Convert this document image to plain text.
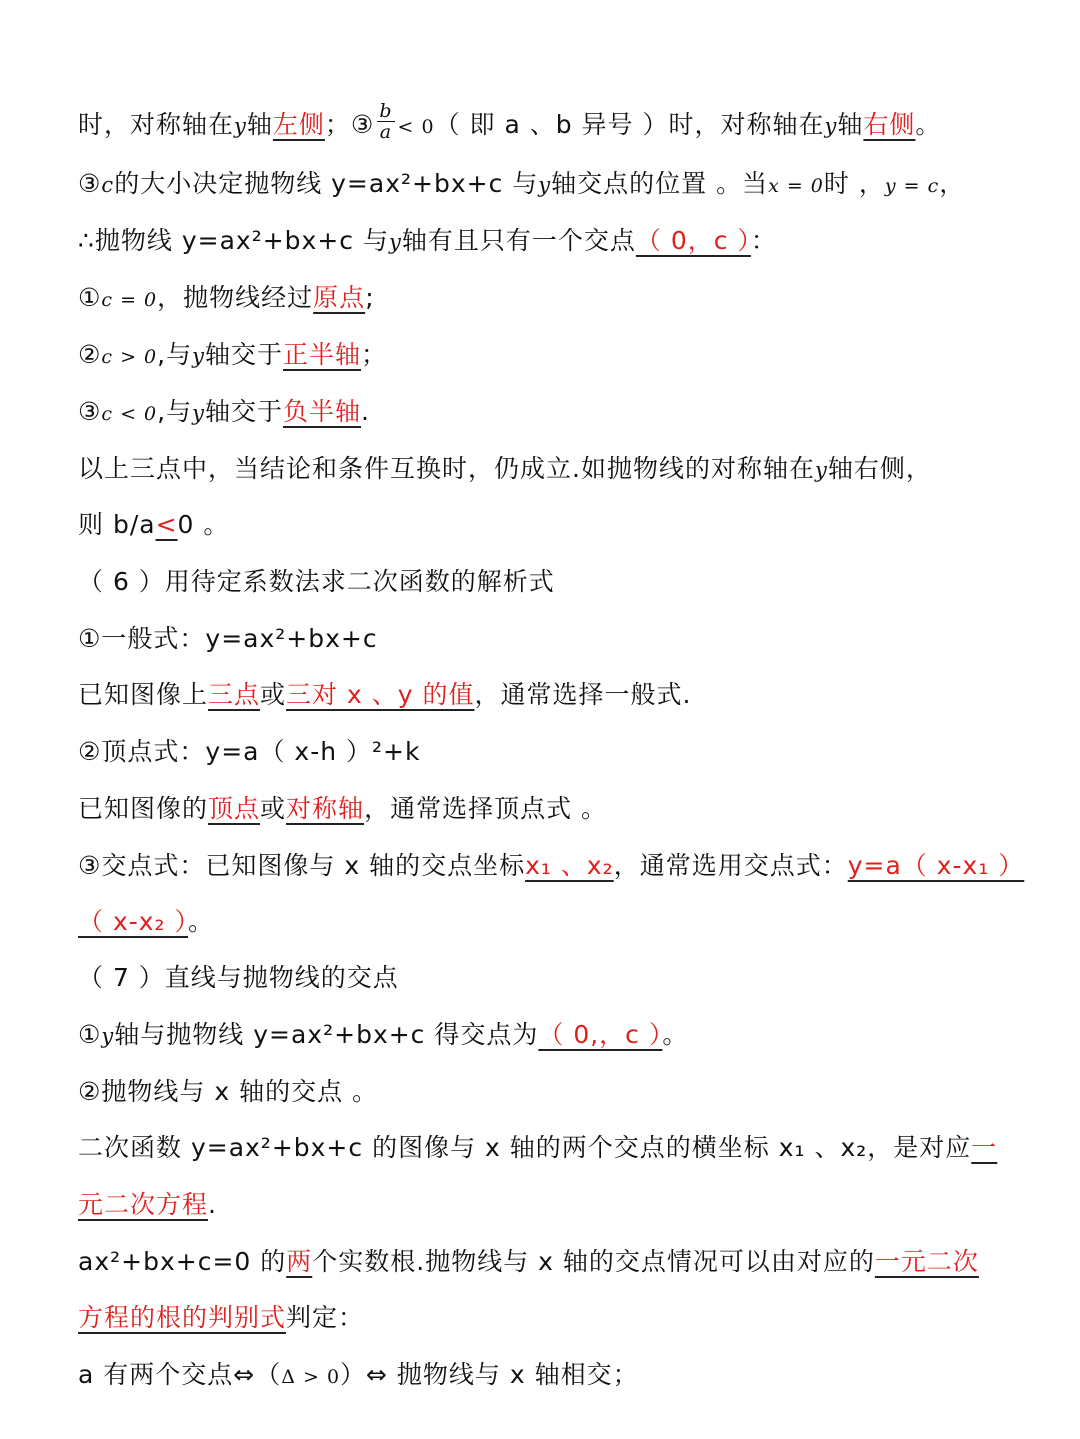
时，对称轴在y轴左侧；③ $\frac{b}{a} < 0$（ 即 a 、b 异号 ）时，对称轴在y轴右侧。
③c的大小决定抛物线 y=ax²+bx+c 与y轴交点的位置 。当x = 0时 ，y = c，
∴抛物线 y=ax²+bx+c 与y轴有且只有一个交点（ 0，c ）：
①c = 0，抛物线经过原点;
②c > 0,与y轴交于正半轴；
③c < 0,与y轴交于负半轴.
以上三点中，当结论和条件互换时，仍成立.如抛物线的对称轴在y轴右侧，
则 b/a<0 。
（ 6 ）用待定系数法求二次函数的解析式
①一般式：y=ax²+bx+c
已知图像上三点或三对 x 、y 的值，通常选择一般式.
②顶点式：y=a（ x-h ）²+k
已知图像的顶点或对称轴，通常选择顶点式 。
③交点式：已知图像与 x 轴的交点坐标x₁ 、x₂，通常选用交点式：y=a（ x-x₁ ）
（ x-x₂ ）。
（ 7 ）直线与抛物线的交点
①y轴与抛物线 y=ax²+bx+c 得交点为（ 0,，c ）。
②抛物线与 x 轴的交点 。
二次函数 y=ax²+bx+c 的图像与 x 轴的两个交点的横坐标 x₁ 、x₂，是对应一
元二次方程.
ax²+bx+c=0 的两个实数根.抛物线与 x 轴的交点情况可以由对应的一元二次
方程的根的判别式判定：
a 有两个交点⇔（Δ > 0）⇔ 抛物线与 x 轴相交；
